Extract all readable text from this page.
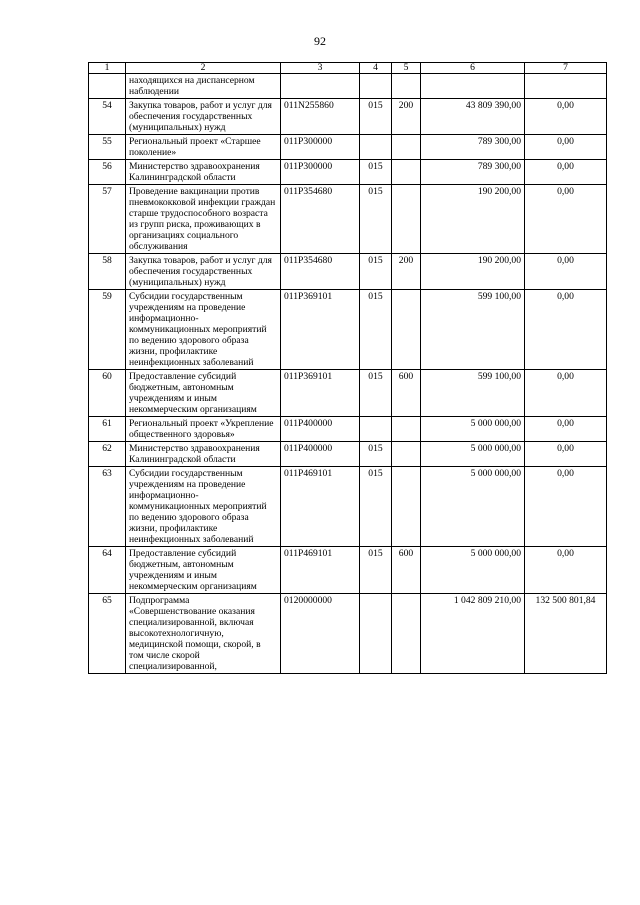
92
1	2	3	4	5	6	7
	находящихся на диспансерном наблюдении					
54	Закупка товаров, работ и услуг для обеспечения государственных (муниципальных) нужд	011N255860	015	200	43 809 390,00	0,00
55	Региональный проект «Старшее поколение»	011P300000			789 300,00	0,00
56	Министерство здравоохранения Калининградской области	011P300000	015		789 300,00	0,00
57	Проведение вакцинации против пневмококковой инфекции граждан старше трудоспособного возраста из групп риска, проживающих в организациях социального обслуживания	011P354680	015		190 200,00	0,00
58	Закупка товаров, работ и услуг для обеспечения государственных (муниципальных) нужд	011P354680	015	200	190 200,00	0,00
59	Субсидии государственным учреждениям на проведение информационно-коммуникационных мероприятий по ведению здорового образа жизни, профилактике неинфекционных заболеваний	011P369101	015		599 100,00	0,00
60	Предоставление субсидий бюджетным, автономным учреждениям и иным некоммерческим организациям	011P369101	015	600	599 100,00	0,00
61	Региональный проект «Укрепление общественного здоровья»	011P400000			5 000 000,00	0,00
62	Министерство здравоохранения Калининградской области	011P400000	015		5 000 000,00	0,00
63	Субсидии государственным учреждениям на проведение информационно-коммуникационных мероприятий по ведению здорового образа жизни, профилактике неинфекционных заболеваний	011P469101	015		5 000 000,00	0,00
64	Предоставление субсидий бюджетным, автономным учреждениям и иным некоммерческим организациям	011P469101	015	600	5 000 000,00	0,00
65	Подпрограмма «Совершенствование оказания специализированной, включая высокотехнологичную, медицинской помощи, скорой, в том числе скорой специализированной,	0120000000			1 042 809 210,00	132 500 801,84
